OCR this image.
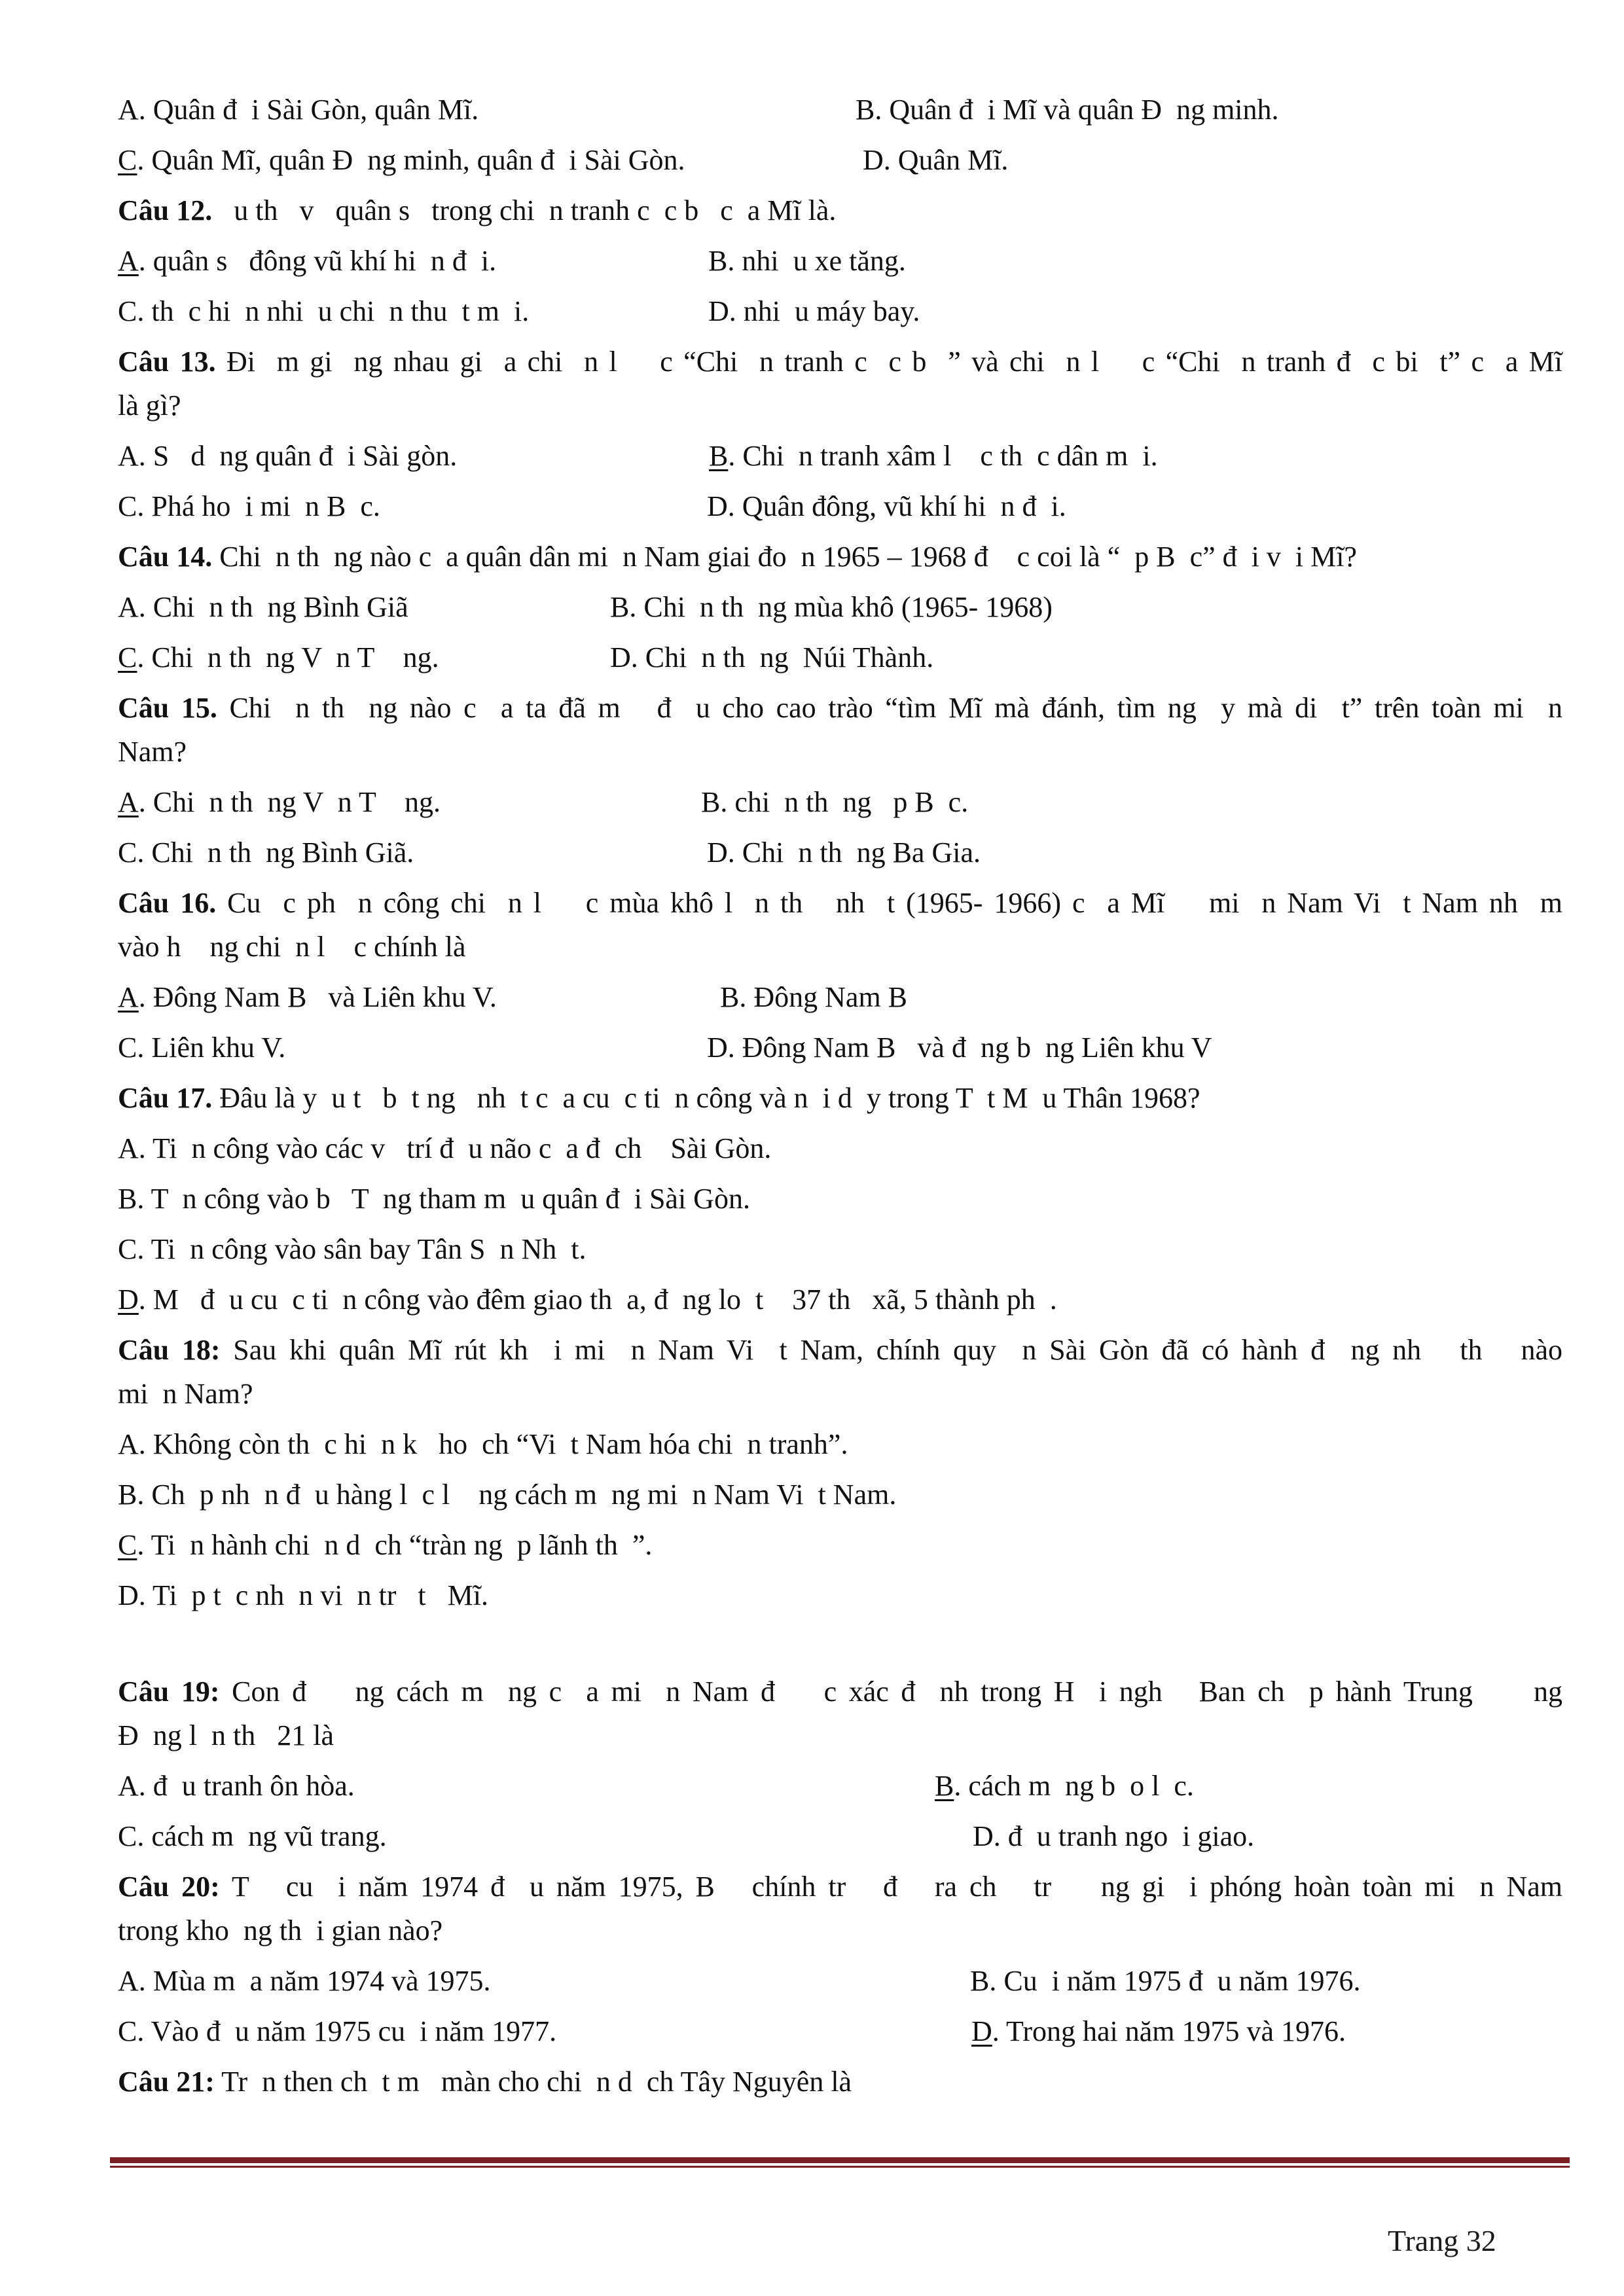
A. Quân đ  i Sài Gòn, quân Mĩ.	B. Quân đ  i Mĩ và quân Đ  ng minh.
C. Quân Mĩ, quân Đ  ng minh, quân đ  i Sài Gòn.	D. Quân Mĩ.
Câu 12.   u th   v   quân s   trong chi  n tranh c  c b   c  a Mĩ là.
A. quân s   đông vũ khí hi  n đ  i.	B. nhi  u xe tăng.
C. th  c hi  n nhi  u chi  n thu  t m  i.	D. nhi  u máy bay.
Câu 13. Đi  m gi  ng nhau gi  a chi  n l    c “Chi  n tranh c  c b  ” và chi  n l    c “Chi  n tranh đ  c bi  t” c  a Mĩ
là gì?
A. S   d  ng quân đ  i Sài gòn.	B. Chi  n tranh xâm l    c th  c dân m  i.
C. Phá ho  i mi  n B  c.	D. Quân đông, vũ khí hi  n đ  i.
Câu 14. Chi  n th  ng nào c  a quân dân mi  n Nam giai đo  n 1965 – 1968 đ    c coi là “  p B  c” đ  i v  i Mĩ?
A. Chi  n th  ng Bình Giã	B. Chi  n th  ng mùa khô (1965- 1968)
C. Chi  n th  ng V  n T    ng.	D. Chi  n th  ng  Núi Thành.
Câu 15. Chi  n th  ng nào c  a ta đã m   đ  u cho cao trào “tìm Mĩ mà đánh, tìm ng  y mà di  t” trên toàn mi  n
Nam?
A. Chi  n th  ng V  n T    ng.	B. chi  n th  ng   p B  c.
C. Chi  n th  ng Bình Giã.	D. Chi  n th  ng Ba Gia.
Câu 16. Cu  c ph  n công chi  n l    c mùa khô l  n th   nh  t (1965- 1966) c  a Mĩ    mi  n Nam Vi  t Nam nh  m
vào h    ng chi  n l    c chính là
A. Đông Nam B   và Liên khu V.	B. Đông Nam B
C. Liên khu V.	D. Đông Nam B   và đ  ng b  ng Liên khu V
Câu 17. Đâu là y  u t   b  t ng   nh  t c  a cu  c ti  n công và n  i d  y trong T  t M  u Thân 1968?
A. Ti  n công vào các v   trí đ  u não c  a đ  ch    Sài Gòn.
B. T  n công vào b   T  ng tham m  u quân đ  i Sài Gòn.
C. Ti  n công vào sân bay Tân S  n Nh  t.
D. M   đ  u cu  c ti  n công vào đêm giao th  a, đ  ng lo  t    37 th   xã, 5 thành ph  .
Câu 18: Sau khi quân Mĩ rút kh  i mi  n Nam Vi  t Nam, chính quy  n Sài Gòn đã có hành đ  ng nh   th   nào
mi  n Nam?
A. Không còn th  c hi  n k   ho  ch “Vi  t Nam hóa chi  n tranh”.
B. Ch  p nh  n đ  u hàng l  c l    ng cách m  ng mi  n Nam Vi  t Nam.
C. Ti  n hành chi  n d  ch “tràn ng  p lãnh th  ”.
D. Ti  p t  c nh  n vi  n tr   t   Mĩ.
Câu 19: Con đ    ng cách m  ng c  a mi  n Nam đ    c xác đ  nh trong H  i ngh   Ban ch  p hành Trung     ng
Đ  ng l  n th   21 là
A. đ  u tranh ôn hòa.	B. cách m  ng b  o l  c.
C. cách m  ng vũ trang.	D. đ  u tranh ngo  i giao.
Câu 20: T   cu  i năm 1974 đ  u năm 1975, B   chính tr   đ   ra ch   tr    ng gi  i phóng hoàn toàn mi  n Nam
trong kho  ng th  i gian nào?
A. Mùa m  a năm 1974 và 1975.	B. Cu  i năm 1975 đ  u năm 1976.
C. Vào đ  u năm 1975 cu  i năm 1977.	D. Trong hai năm 1975 và 1976.
Câu 21: Tr  n then ch  t m   màn cho chi  n d  ch Tây Nguyên là
Trang 32
